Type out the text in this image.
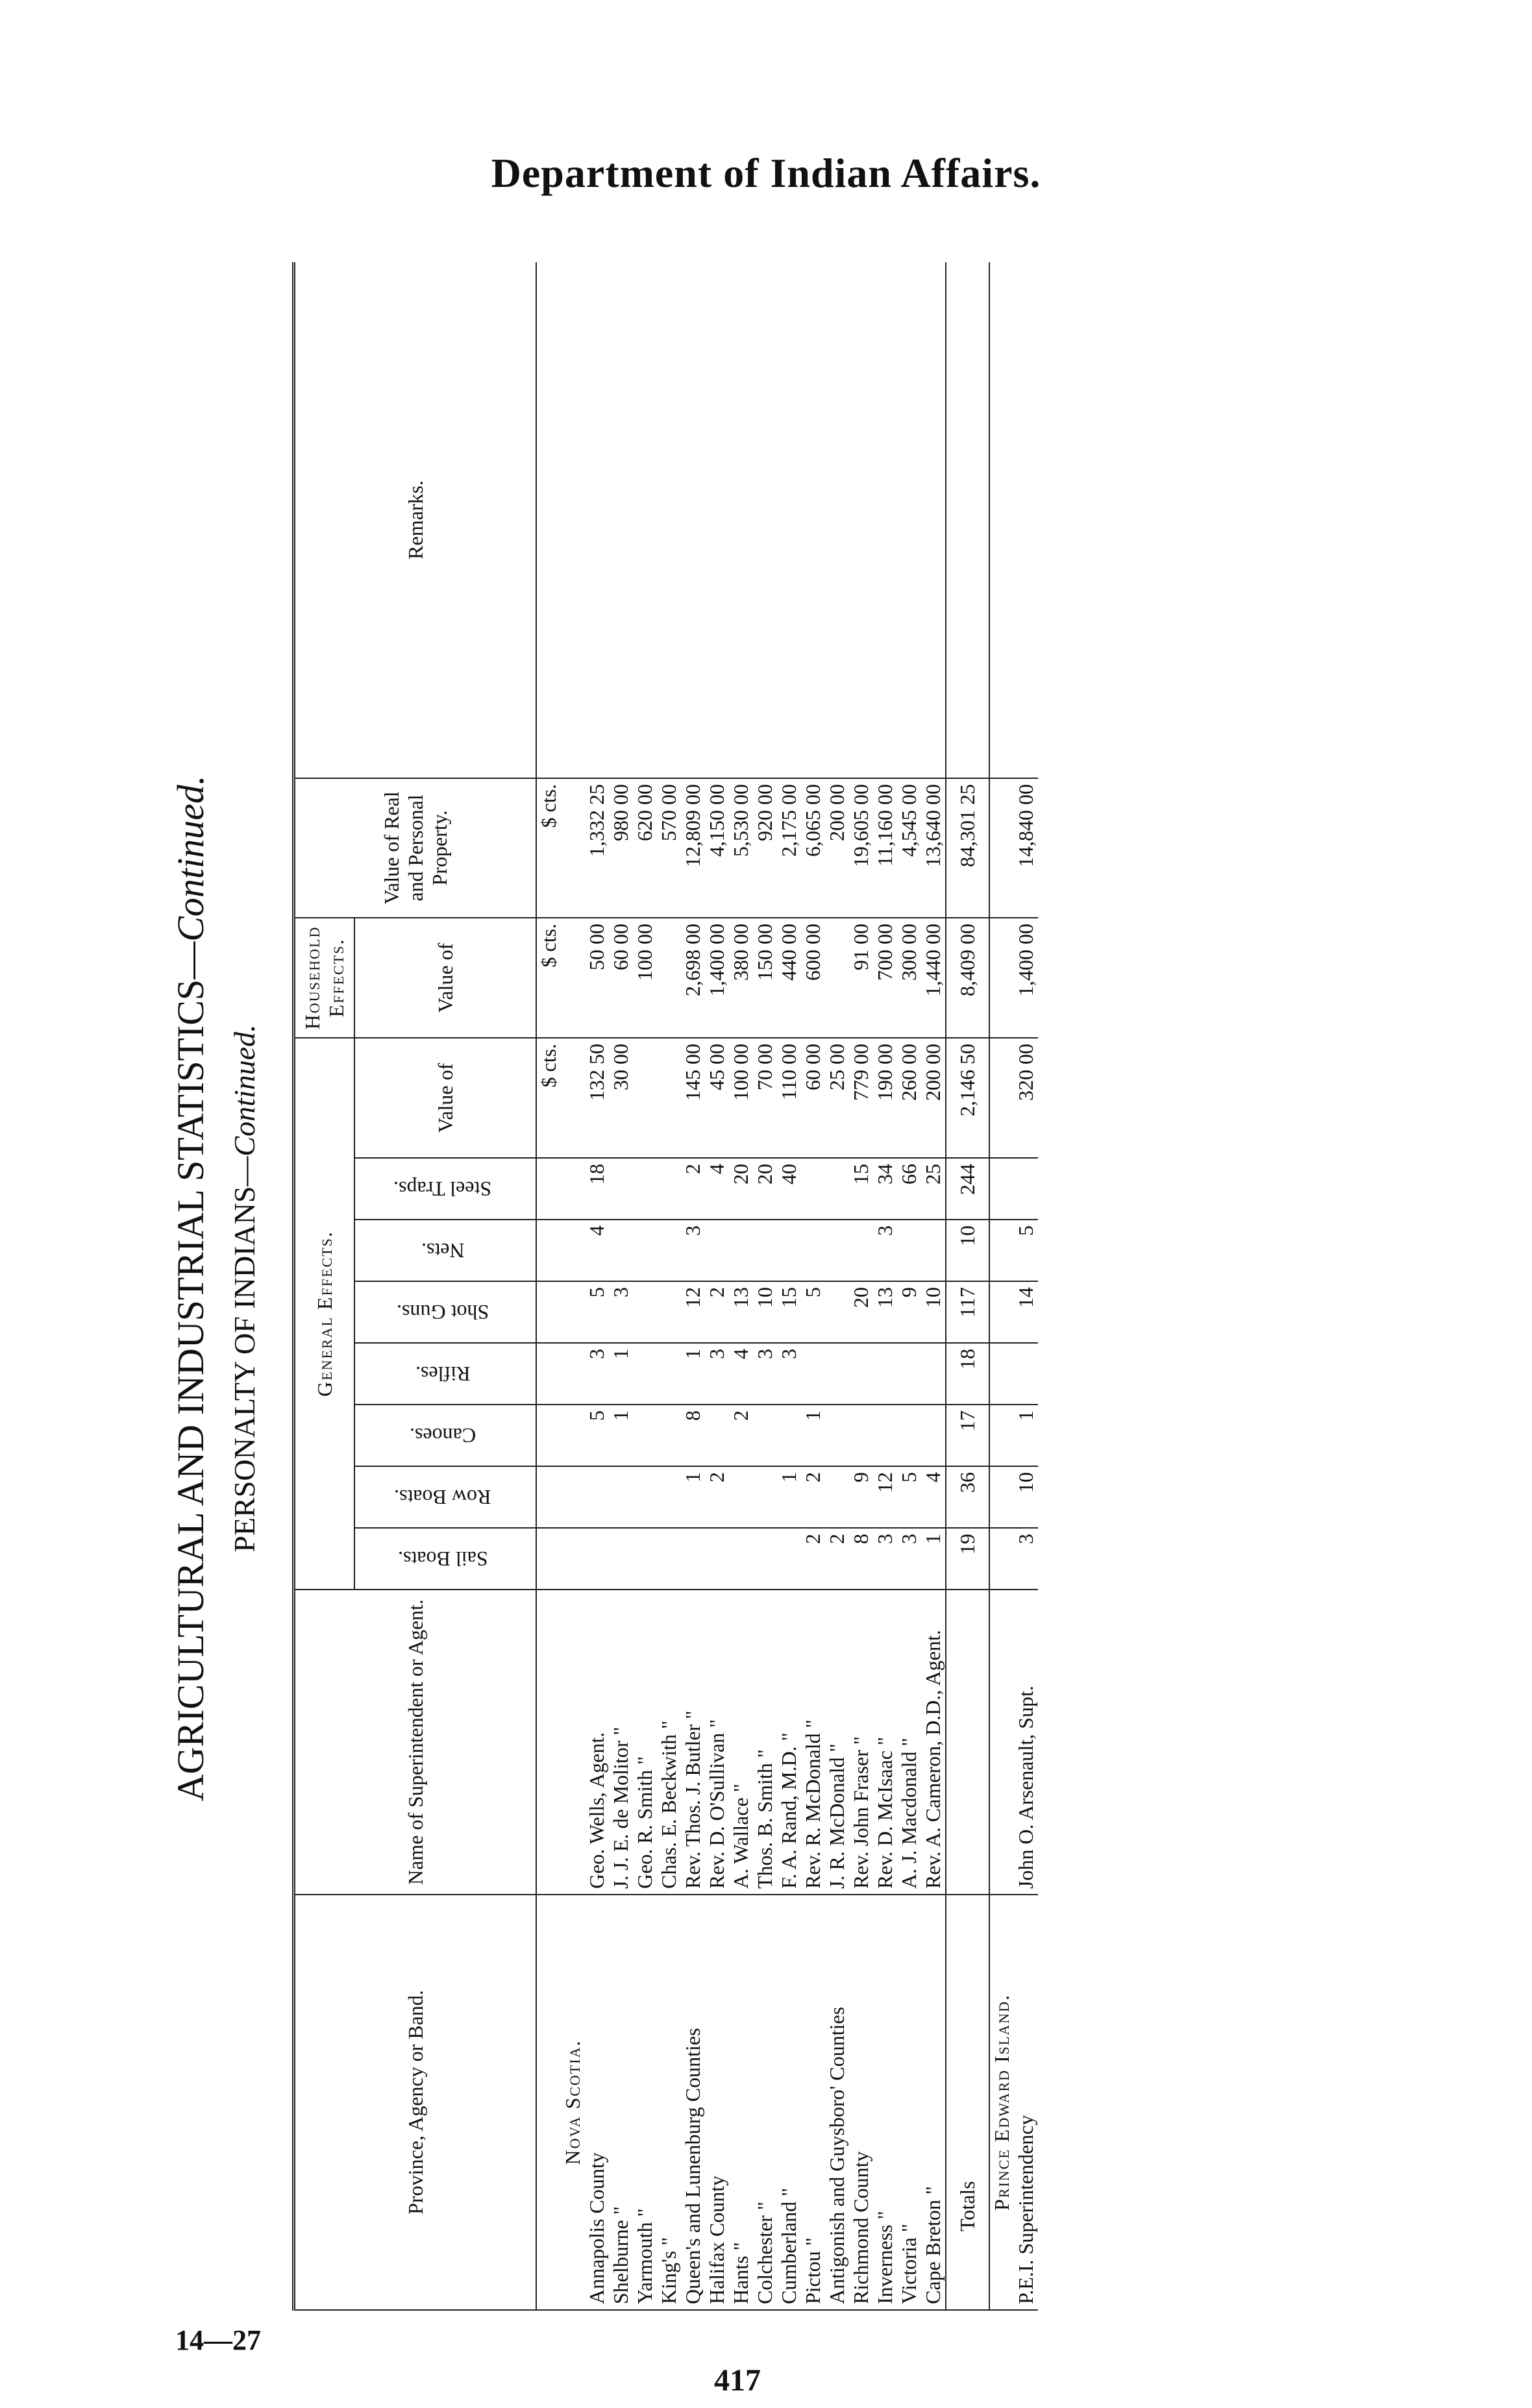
Department of Indian Affairs.
AGRICULTURAL AND INDUSTRIAL STATISTICS—Continued.
PERSONALTY OF INDIANS—Continued.
Province, Agency or Band.	Name of Superintendent or Agent.	General Effects.								Household Effects.	Value of Real and Personal Property.	Remarks.
		Sail Boats.	Row Boats.	Canoes.	Rifles.	Shot Guns.	Nets.	Steel Traps.	Value of	Value of		
									$ cts.	$ cts.	$ cts.	
Nova Scotia.												
Annapolis County	Geo. Wells, Agent.			5	3	5	4	18	132 50	50 00	1,332 25	
Shelburne "	J. J. E. de Molitor "			1	1	3			30 00	60 00	980 00	
Yarmouth "	Geo. R. Smith "									100 00	620 00	
King's "	Chas. E. Beckwith "										570 00	
Queen's and Lunenburg Counties	Rev. Thos. J. Butler "		1	8	1	12	3	2	145 00	2,698 00	12,809 00	
Halifax County	Rev. D. O'Sullivan "		2		3	2		4	45 00	1,400 00	4,150 00	
Hants "	A. Wallace "			2	4	13		20	100 00	380 00	5,530 00	
Colchester "	Thos. B. Smith "				3	10		20	70 00	150 00	920 00	
Cumberland "	F. A. Rand, M.D. "		1		3	15		40	110 00	440 00	2,175 00	
Pictou "	Rev. R. McDonald "	2	2	1		5			60 00	600 00	6,065 00	
Antigonish and Guysboro' Counties	J. R. McDonald "	2							25 00		200 00	
Richmond County	Rev. John Fraser "	8	9			20		15	779 00	91 00	19,605 00	
Inverness "	Rev. D. McIsaac "	3	12			13	3	34	190 00	700 00	11,160 00	
Victoria "	A. J. Macdonald "	3	5			9		66	260 00	300 00	4,545 00	
Cape Breton "	Rev. A. Cameron, D.D., Agent.	1	4			10		25	200 00	1,440 00	13,640 00	
Totals		19	36	17	18	117	10	244	2,146 50	8,409 00	84,301 25	
Prince Edward Island.												
P.E.I. Superintendency	John O. Arsenault, Supt.	3	10	1		14	5		320 00	1,400 00	14,840 00	
14—27
417
